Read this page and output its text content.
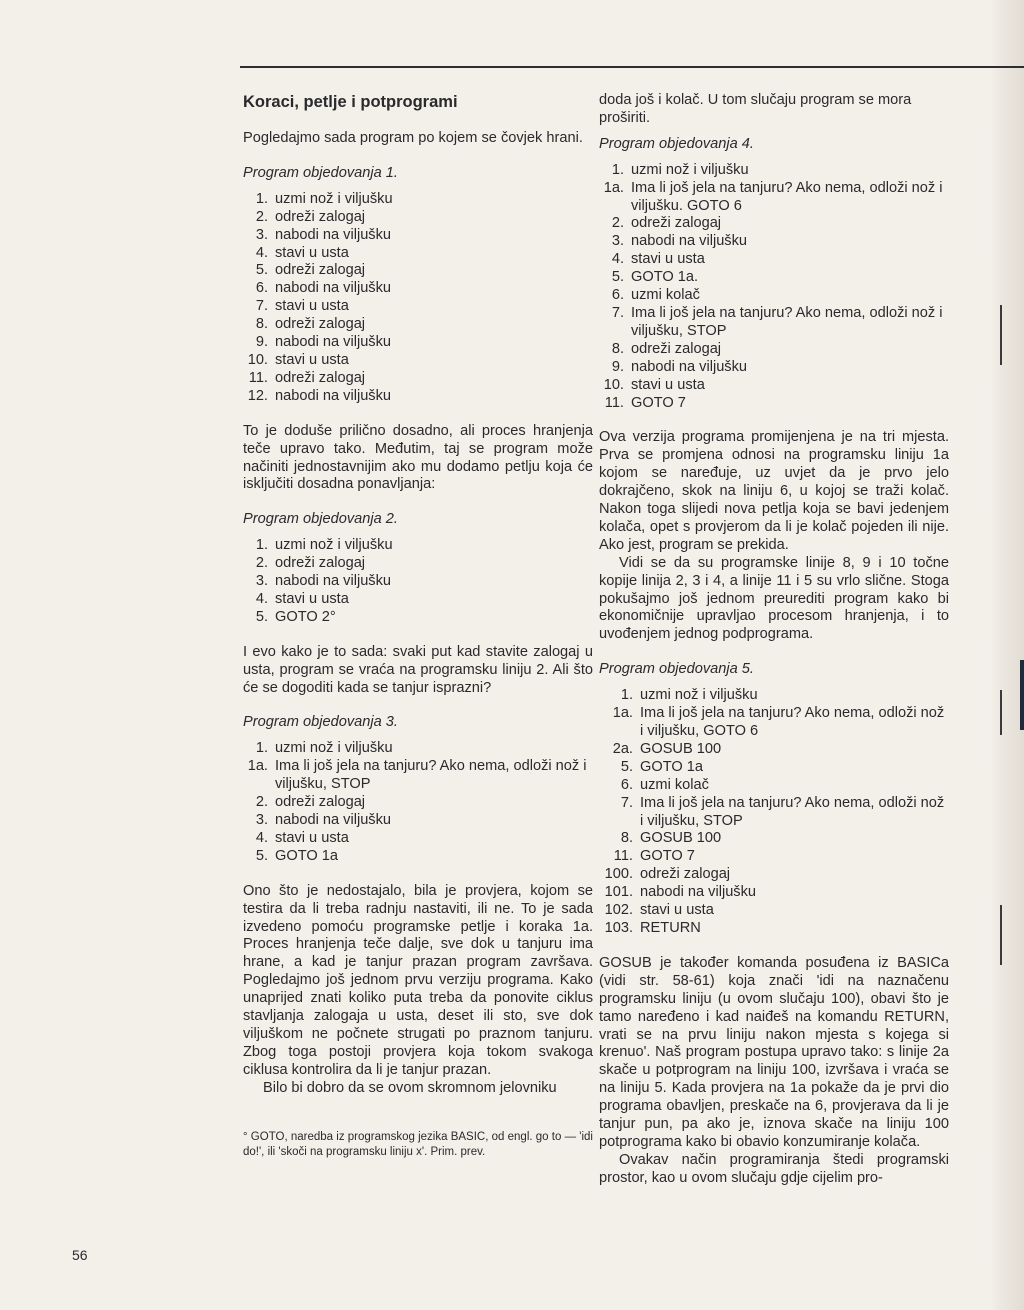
Koraci, petlje i potprogrami

Pogledajmo sada program po kojem se čovjek hrani.

Program objedovanja 1.
1. uzmi nož i viljušku
2. odreži zalogaj
3. nabodi na viljušku
4. stavi u usta
5. odreži zalogaj
6. nabodi na viljušku
7. stavi u usta
8. odreži zalogaj
9. nabodi na viljušku
10. stavi u usta
11. odreži zalogaj
12. nabodi na viljušku

To je doduše prilično dosadno, ali proces hranjenja teče upravo tako. Međutim, taj se program može načiniti jednostavnijim ako mu dodamo petlju koja će isključiti dosadna ponavljanja:

Program objedovanja 2.
1. uzmi nož i viljušku
2. odreži zalogaj
3. nabodi na viljušku
4. stavi u usta
5. GOTO 2°

I evo kako je to sada: svaki put kad stavite zalogaj u usta, program se vraća na programsku liniju 2. Ali što će se dogoditi kada se tanjur isprazni?

Program objedovanja 3.
1. uzmi nož i viljušku
1a. Ima li još jela na tanjuru? Ako nema, odloži nož i viljušku, STOP
2. odreži zalogaj
3. nabodi na viljušku
4. stavi u usta
5. GOTO 1a

Ono što je nedostajalo, bila je provjera, kojom se testira da li treba radnju nastaviti, ili ne. To je sada izvedeno pomoću programske petlje i koraka 1a. Proces hranjenja teče dalje, sve dok u tanjuru ima hrane, a kad je tanjur prazan program završava. Pogledajmo još jednom prvu verziju programa. Kako unaprijed znati koliko puta treba da ponovite ciklus stavljanja zalogaja u usta, deset ili sto, sve dok viljuškom ne počnete strugati po praznom tanjuru. Zbog toga postoji provjera koja tokom svakoga ciklusa kontrolira da li je tanjur prazan.

Bilo bi dobro da se ovom skromnom jelovniku

° GOTO, naredba iz programskog jezika BASIC, od engl. go to — 'idi do!', ili 'skoči na programsku liniju x'. Prim. prev.

doda još i kolač. U tom slučaju program se mora proširiti.

Program objedovanja 4.
1. uzmi nož i viljušku
1a. Ima li još jela na tanjuru? Ako nema, odloži nož i viljušku. GOTO 6
2. odreži zalogaj
3. nabodi na viljušku
4. stavi u usta
5. GOTO 1a.
6. uzmi kolač
7. Ima li još jela na tanjuru? Ako nema, odloži nož i viljušku, STOP
8. odreži zalogaj
9. nabodi na viljušku
10. stavi u usta
11. GOTO 7

Ova verzija programa promijenjena je na tri mjesta. Prva se promjena odnosi na programsku liniju 1a kojom se naređuje, uz uvjet da je prvo jelo dokrajčeno, skok na liniju 6, u kojoj se traži kolač. Nakon toga slijedi nova petlja koja se bavi jedenjem kolača, opet s provjerom da li je kolač pojeden ili nije. Ako jest, program se prekida.

Vidi se da su programske linije 8, 9 i 10 točne kopije linija 2, 3 i 4, a linije 11 i 5 su vrlo slične. Stoga pokušajmo još jednom preurediti program kako bi ekonomičnije upravljao procesom hranjenja, i to uvođenjem jednog podprograma.

Program objedovanja 5.
1. uzmi nož i viljušku
1a. Ima li još jela na tanjuru? Ako nema, odloži nož i viljušku, GOTO 6
2a. GOSUB 100
5. GOTO 1a
6. uzmi kolač
7. Ima li još jela na tanjuru? Ako nema, odloži nož i viljušku, STOP
8. GOSUB 100
11. GOTO 7
100. odreži zalogaj
101. nabodi na viljušku
102. stavi u usta
103. RETURN

GOSUB je također komanda posuđena iz BASICa (vidi str. 58-61) koja znači 'idi na naznačenu programsku liniju (u ovom slučaju 100), obavi što je tamo naređeno i kad naiđeš na komandu RETURN, vrati se na prvu liniju nakon mjesta s kojega si krenuo'. Naš program postupa upravo tako: s linije 2a skače u potprogram na liniju 100, izvršava i vraća se na liniju 5. Kada provjera na 1a pokaže da je prvi dio programa obavljen, preskače na 6, provjerava da li je tanjur pun, pa ako je, iznova skače na liniju 100 potprograma kako bi obavio konzumiranje kolača.

Ovakav način programiranja štedi programski prostor, kao u ovom slučaju gdje cijelim pro-

56
